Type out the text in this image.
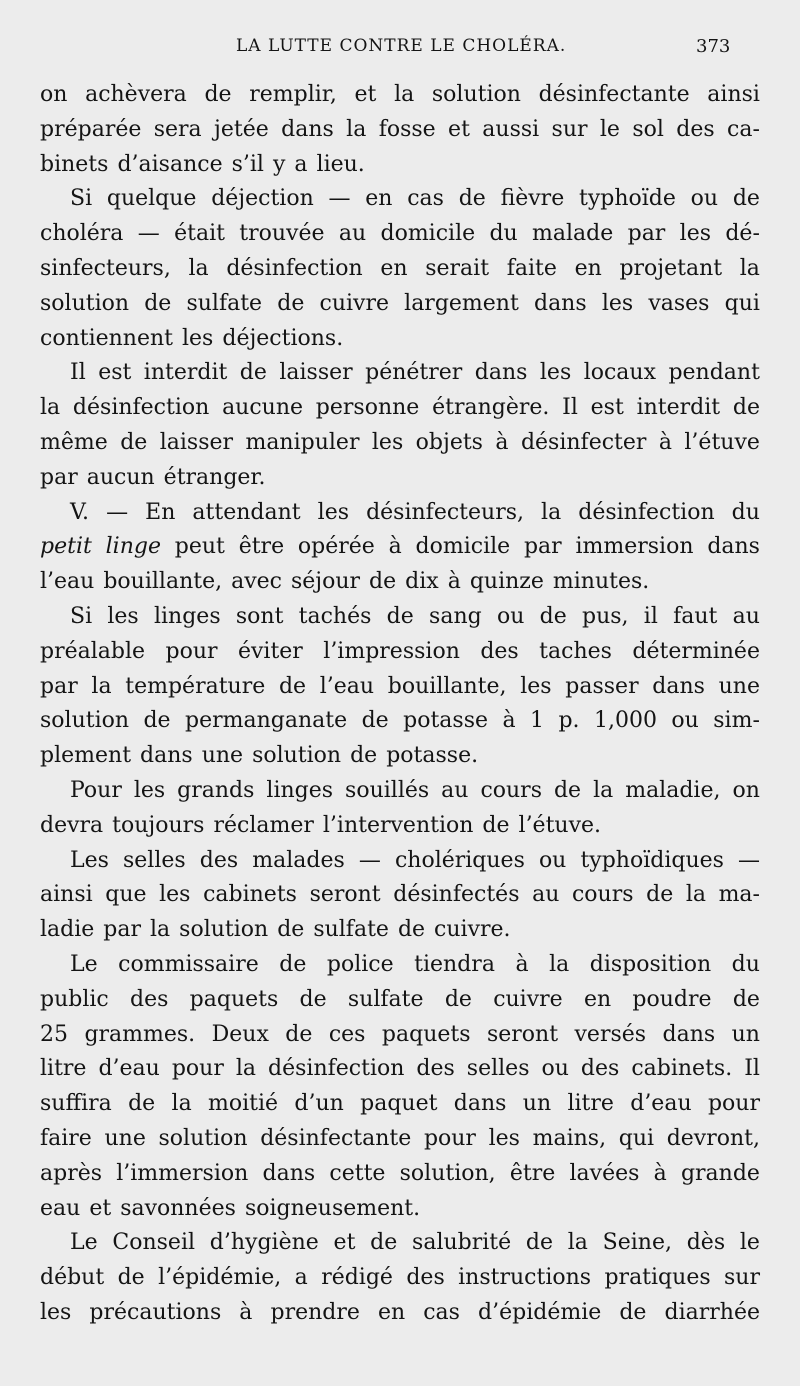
LA LUTTE CONTRE LE CHOLÉRA.	373
on achèvera de remplir, et la solution désinfectante ainsi
préparée sera jetée dans la fosse et aussi sur le sol des ca-
binets d’aisance s’il y a lieu.
Si quelque déjection — en cas de fièvre typhoïde ou de
choléra — était trouvée au domicile du malade par les dé-
sinfecteurs, la désinfection en serait faite en projetant la
solution de sulfate de cuivre largement dans les vases qui
contiennent les déjections.
Il est interdit de laisser pénétrer dans les locaux pendant
la désinfection aucune personne étrangère. Il est interdit de
même de laisser manipuler les objets à désinfecter à l’étuve
par aucun étranger.
V. — En attendant les désinfecteurs, la désinfection du
petit linge peut être opérée à domicile par immersion dans
l’eau bouillante, avec séjour de dix à quinze minutes.
Si les linges sont tachés de sang ou de pus, il faut au
préalable pour éviter l’impression des taches déterminée
par la température de l’eau bouillante, les passer dans une
solution de permanganate de potasse à 1 p. 1,000 ou sim-
plement dans une solution de potasse.
Pour les grands linges souillés au cours de la maladie, on
devra toujours réclamer l’intervention de l’étuve.
Les selles des malades — cholériques ou typhoïdiques —
ainsi que les cabinets seront désinfectés au cours de la ma-
ladie par la solution de sulfate de cuivre.
Le commissaire de police tiendra à la disposition du
public des paquets de sulfate de cuivre en poudre de
25 grammes. Deux de ces paquets seront versés dans un
litre d’eau pour la désinfection des selles ou des cabinets. Il
suffira de la moitié d’un paquet dans un litre d’eau pour
faire une solution désinfectante pour les mains, qui devront,
après l’immersion dans cette solution, être lavées à grande
eau et savonnées soigneusement.
Le Conseil d’hygiène et de salubrité de la Seine, dès le
début de l’épidémie, a rédigé des instructions pratiques sur
les précautions à prendre en cas d’épidémie de diarrhée
